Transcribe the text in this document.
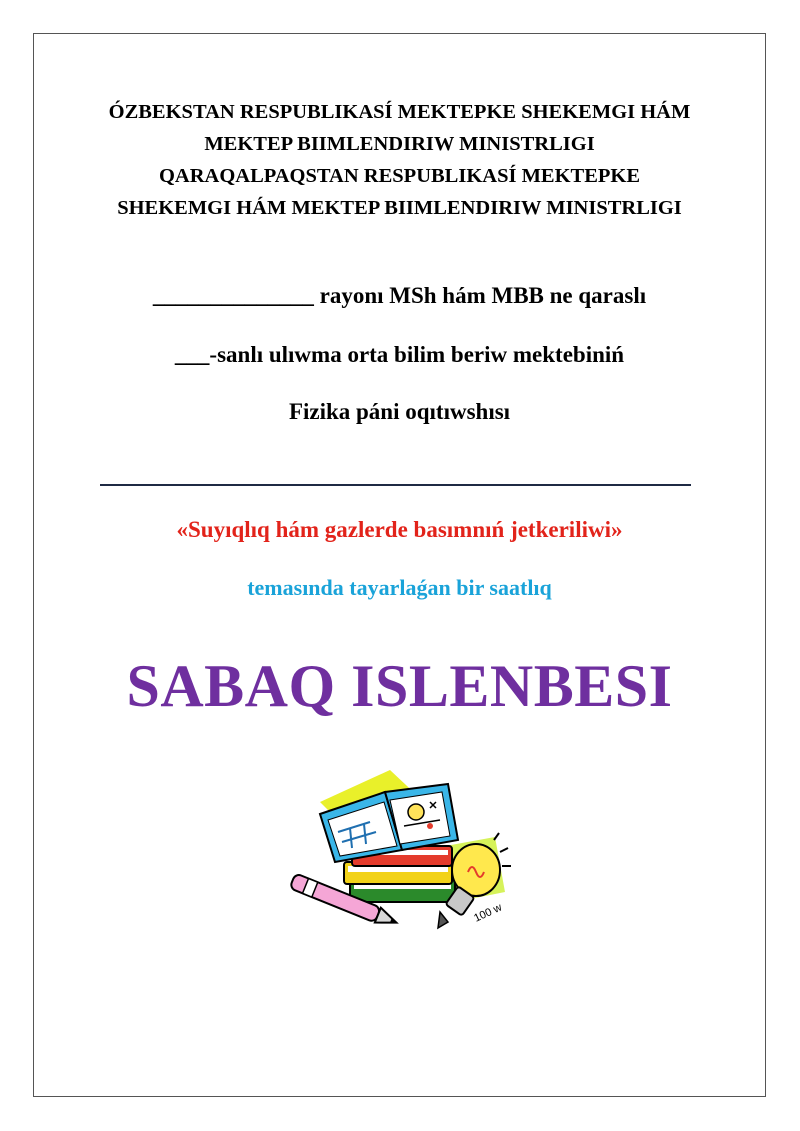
ÓZBEKSTAN RESPUBLIKASÍ MEKTEPKE SHEKEMGI HÁM
MEKTEP BIIMLENDIRIW MINISTRLIGI
QARAQALPAQSTAN RESPUBLIKASÍ MEKTEPKE
SHEKEMGI HÁM MEKTEP BIIMLENDIRIW MINISTRLIGI
______________ rayonı MSh hám MBB ne qaraslı
___-sanlı ulıwma orta bilim beriw mektebiniń
Fizika páni oqıtıwshısı
«Suyıqlıq hám gazlerde basımnıń jetkeriliwi»
temasında tayarlaǵan bir saatlıq
SABAQ ISLENBESI
100 w
